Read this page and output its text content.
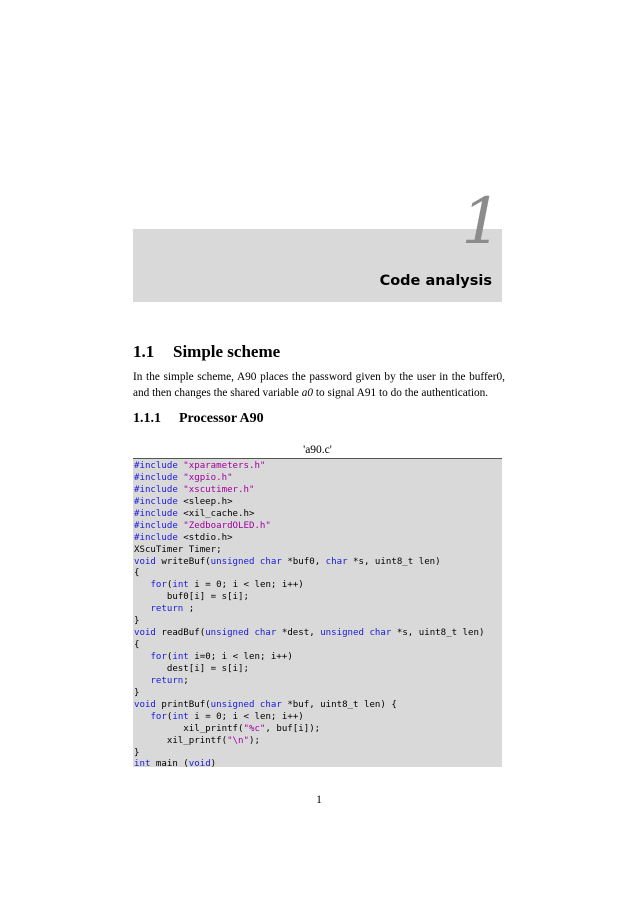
1
Code analysis
1.1 Simple scheme
In the simple scheme, A90 places the password given by the user in the buffer0, and then changes the shared variable a0 to signal A91 to do the authentication.
1.1.1 Processor A90
'a90.c'
#include "xparameters.h"
#include "xgpio.h"
#include "xscutimer.h"
#include <sleep.h>
#include <xil_cache.h>
#include "ZedboardOLED.h"
#include <stdio.h>
XScuTimer Timer;
void writeBuf(unsigned char *buf0, char *s, uint8_t len)
{
for(int i = 0; i < len; i++)
buf0[i] = s[i];
return ;
}
void readBuf(unsigned char *dest, unsigned char *s, uint8_t len)
{
for(int i=0; i < len; i++)
dest[i] = s[i];
return;
}
void printBuf(unsigned char *buf, uint8_t len) {
for(int i = 0; i < len; i++)
xil_printf("%c", buf[i]);
xil_printf("\n");
}
int main (void)
1
